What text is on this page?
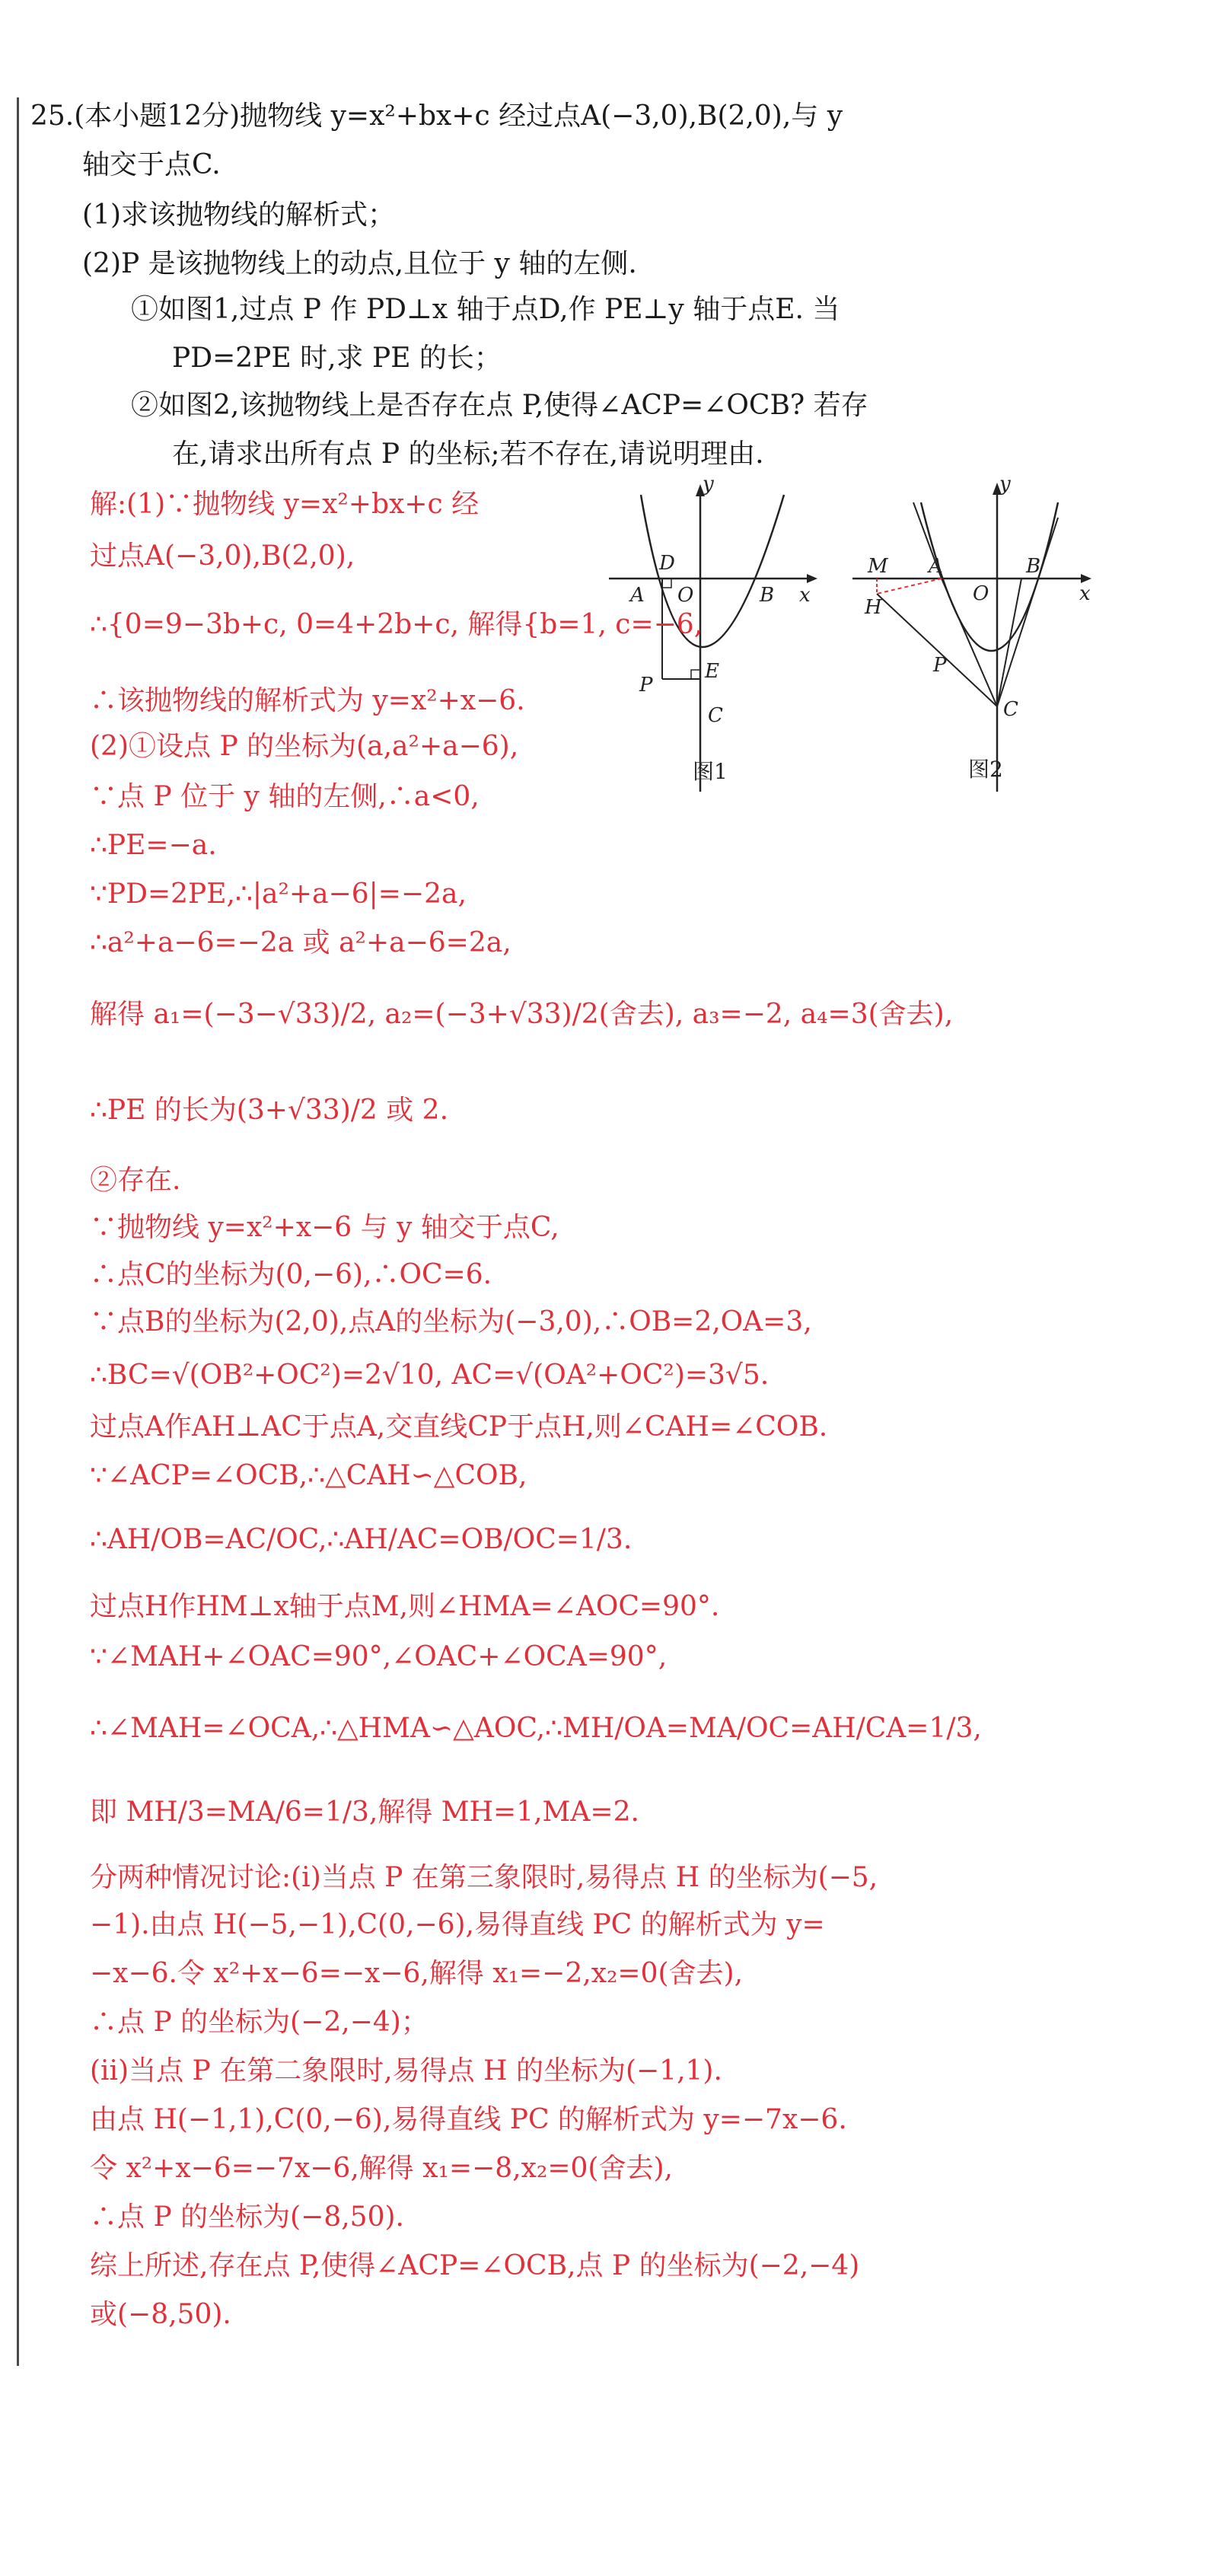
25.(本小题12分)抛物线 y=x²+bx+c 经过点A(−3,0),B(2,0),与 y
轴交于点C.
(1)求该抛物线的解析式；
(2)P 是该抛物线上的动点,且位于 y 轴的左侧.
①如图1,过点 P 作 PD⊥x 轴于点D,作 PE⊥y 轴于点E. 当
PD=2PE 时,求 PE 的长；
②如图2,该抛物线上是否存在点 P,使得∠ACP=∠OCB? 若存
在,请求出所有点 P 的坐标;若不存在,请说明理由.
y
x
O
A	B
C
D
E
P
图1
y
x
O
A	B
C
M
H
P
图2
解:(1)∵抛物线 y=x²+bx+c 经
过点A(−3,0),B(2,0),
∴{0=9−3b+c, 0=4+2b+c, 解得{b=1, c=−6,
∴该抛物线的解析式为 y=x²+x−6.
(2)①设点 P 的坐标为(a,a²+a−6),
∵点 P 位于 y 轴的左侧,∴a<0,
∴PE=−a.
∵PD=2PE,∴|a²+a−6|=−2a,
∴a²+a−6=−2a 或 a²+a−6=2a,
解得 a₁=(−3−√33)/2, a₂=(−3+√33)/2(舍去), a₃=−2, a₄=3(舍去),
∴PE 的长为(3+√33)/2 或 2.
②存在.
∵抛物线 y=x²+x−6 与 y 轴交于点C,
∴点C的坐标为(0,−6),∴OC=6.
∵点B的坐标为(2,0),点A的坐标为(−3,0),∴OB=2,OA=3,
∴BC=√(OB²+OC²)=2√10, AC=√(OA²+OC²)=3√5.
过点A作AH⊥AC于点A,交直线CP于点H,则∠CAH=∠COB.
∵∠ACP=∠OCB,∴△CAH∽△COB,
∴AH/OB=AC/OC,∴AH/AC=OB/OC=1/3.
过点H作HM⊥x轴于点M,则∠HMA=∠AOC=90°.
∵∠MAH+∠OAC=90°,∠OAC+∠OCA=90°,
∴∠MAH=∠OCA,∴△HMA∽△AOC,∴MH/OA=MA/OC=AH/CA=1/3,
即 MH/3=MA/6=1/3,解得 MH=1,MA=2.
分两种情况讨论:(i)当点 P 在第三象限时,易得点 H 的坐标为(−5,
−1).由点 H(−5,−1),C(0,−6),易得直线 PC 的解析式为 y=
−x−6.令 x²+x−6=−x−6,解得 x₁=−2,x₂=0(舍去),
∴点 P 的坐标为(−2,−4)；
(ii)当点 P 在第二象限时,易得点 H 的坐标为(−1,1).
由点 H(−1,1),C(0,−6),易得直线 PC 的解析式为 y=−7x−6.
令 x²+x−6=−7x−6,解得 x₁=−8,x₂=0(舍去),
∴点 P 的坐标为(−8,50).
综上所述,存在点 P,使得∠ACP=∠OCB,点 P 的坐标为(−2,−4)
或(−8,50).
